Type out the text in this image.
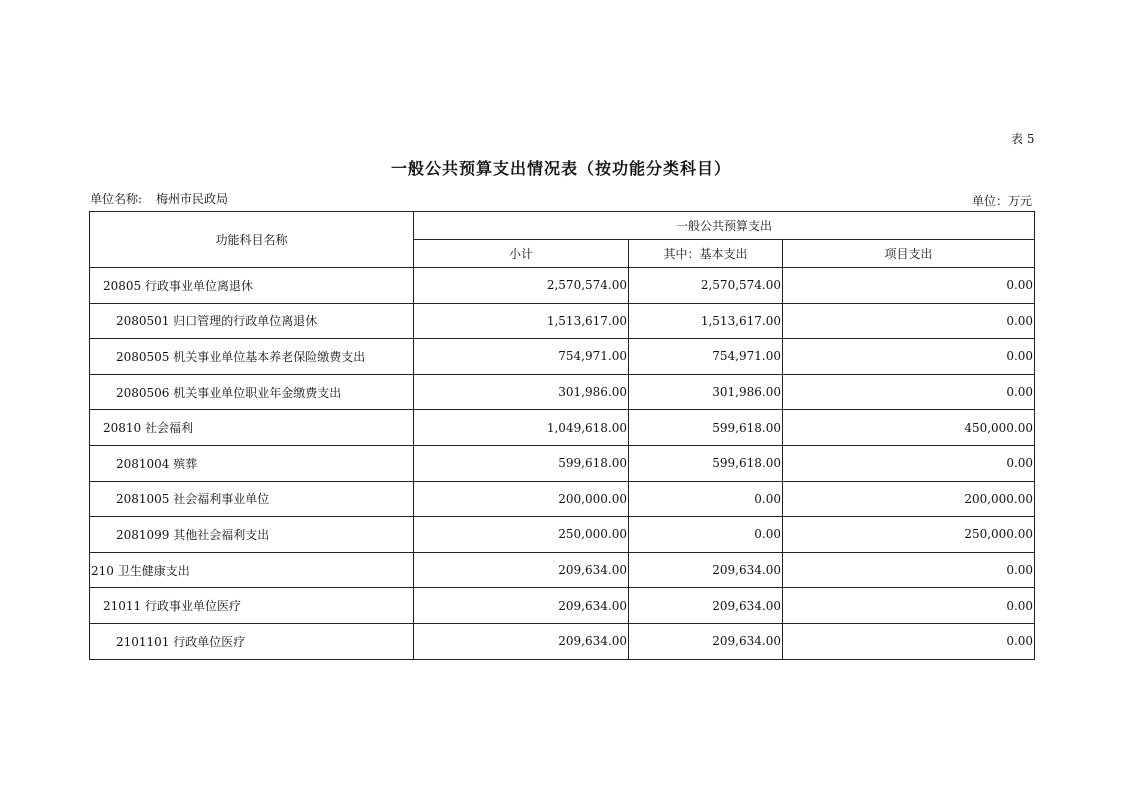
表 5
一般公共预算支出情况表（按功能分类科目）
单位名称: 梅州市民政局	单位：万元
功能科目名称	一般公共预算支出		
	小计	其中：基本支出	项目支出
20805 行政事业单位离退休	2,570,574.00	2,570,574.00	0.00
2080501 归口管理的行政单位离退休	1,513,617.00	1,513,617.00	0.00
2080505 机关事业单位基本养老保险缴费支出	754,971.00	754,971.00	0.00
2080506 机关事业单位职业年金缴费支出	301,986.00	301,986.00	0.00
20810 社会福利	1,049,618.00	599,618.00	450,000.00
2081004 殡葬	599,618.00	599,618.00	0.00
2081005 社会福利事业单位	200,000.00	0.00	200,000.00
2081099 其他社会福利支出	250,000.00	0.00	250,000.00
210 卫生健康支出	209,634.00	209,634.00	0.00
21011 行政事业单位医疗	209,634.00	209,634.00	0.00
2101101 行政单位医疗	209,634.00	209,634.00	0.00
